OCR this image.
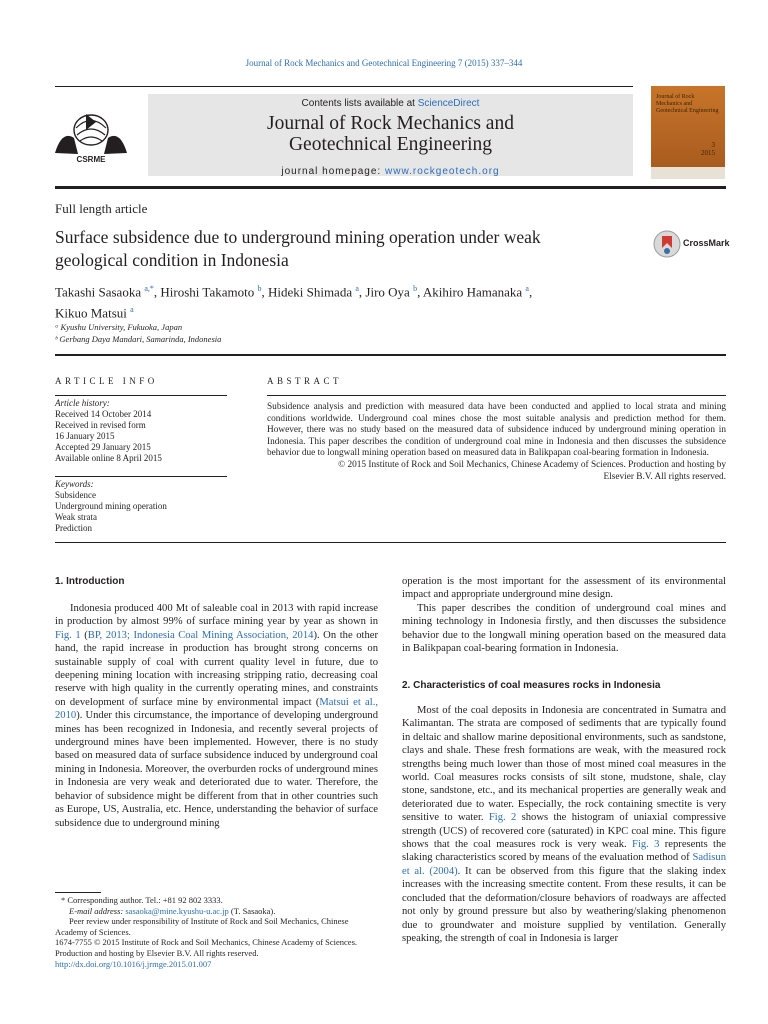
Journal of Rock Mechanics and Geotechnical Engineering 7 (2015) 337–344
CSRME
Contents lists available at ScienceDirect
Journal of Rock Mechanics and
Geotechnical Engineering
journal homepage: www.rockgeotech.org
Journal of Rock Mechanics and Geotechnical Engineering
3
2015
Full length article
Surface subsidence due to underground mining operation under weak
geological condition in Indonesia
CrossMark
Takashi Sasaoka $^{a,*}$, Hiroshi Takamoto $^b$, Hideki Shimada $^a$, Jiro Oya $^b$, Akihiro Hamanaka $^a$,
Kikuo Matsui $^a$
ᵃ Kyushu University, Fukuoka, Japan
ᵇ Gerbang Daya Mandari, Samarinda, Indonesia
ARTICLE INFO
Article history:
Received 14 October 2014
Received in revised form
16 January 2015
Accepted 29 January 2015
Available online 8 April 2015
Keywords:
Subsidence
Underground mining operation
Weak strata
Prediction
ABSTRACT
Subsidence analysis and prediction with measured data have been conducted and applied to local strata and mining conditions worldwide. Underground coal mines chose the most suitable analysis and prediction method for them. However, there was no study based on the measured data of subsidence induced by underground mining operation in Indonesia. This paper describes the condition of underground coal mine in Indonesia and then discusses the subsidence behavior due to longwall mining operation based on measured data in Balikpapan coal-bearing formation in Indonesia.
© 2015 Institute of Rock and Soil Mechanics, Chinese Academy of Sciences. Production and hosting by
Elsevier B.V. All rights reserved.
1. Introduction

Indonesia produced 400 Mt of saleable coal in 2013 with rapid increase in production by almost 99% of surface mining year by year as shown in Fig. 1 (BP, 2013; Indonesia Coal Mining Association, 2014). On the other hand, the rapid increase in production has brought strong concerns on sustainable supply of coal with current quality level in future, due to deepening mining location with increasing stripping ratio, decreasing coal reserve with high quality in the currently operating mines, and constraints on development of surface mine by environmental impact (Matsui et al., 2010). Under this circumstance, the importance of developing underground mines has been recognized in Indonesia, and recently several projects of underground mines have been implemented. However, there is no study based on measured data of surface subsidence induced by underground coal mining in Indonesia. Moreover, the overburden rocks of underground mines in Indonesia are very weak and deteriorated due to water. Therefore, the behavior of subsidence might be different from that in other countries such as Europe, US, Australia, etc. Hence, understanding the behavior of surface subsidence due to underground mining

* Corresponding author. Tel.: +81 92 802 3333.
E-mail address: sasaoka@mine.kyushu-u.ac.jp (T. Sasaoka).
Peer review under responsibility of Institute of Rock and Soil Mechanics, Chinese Academy of Sciences.
1674-7755 © 2015 Institute of Rock and Soil Mechanics, Chinese Academy of Sciences. Production and hosting by Elsevier B.V. All rights reserved.
http://dx.doi.org/10.1016/j.jrmge.2015.01.007

operation is the most important for the assessment of its environmental impact and appropriate underground mine design.

This paper describes the condition of underground coal mines and mining technology in Indonesia firstly, and then discusses the subsidence behavior due to the longwall mining operation based on the measured data in Balikpapan coal-bearing formation in Indonesia.

2. Characteristics of coal measures rocks in Indonesia

Most of the coal deposits in Indonesia are concentrated in Sumatra and Kalimantan. The strata are composed of sediments that are typically found in deltaic and shallow marine depositional environments, such as sandstone, clays and shale. These fresh formations are weak, with the measured rock strengths being much lower than those of most mined coal measures in the world. Coal measures rocks consists of silt stone, mudstone, shale, clay stone, sandstone, etc., and its mechanical properties are generally weak and deteriorated due to water. Especially, the rock containing smectite is very sensitive to water. Fig. 2 shows the histogram of uniaxial compressive strength (UCS) of recovered core (saturated) in KPC coal mine. This figure shows that the coal measures rock is very weak. Fig. 3 represents the slaking characteristics scored by means of the evaluation method of Sadisun et al. (2004). It can be observed from this figure that the slaking index increases with the increasing smectite content. From these results, it can be concluded that the deformation/closure behaviors of roadways are affected not only by ground pressure but also by weathering/slaking phenomenon due to groundwater and moisture supplied by ventilation. Generally speaking, the strength of coal in Indonesia is larger
